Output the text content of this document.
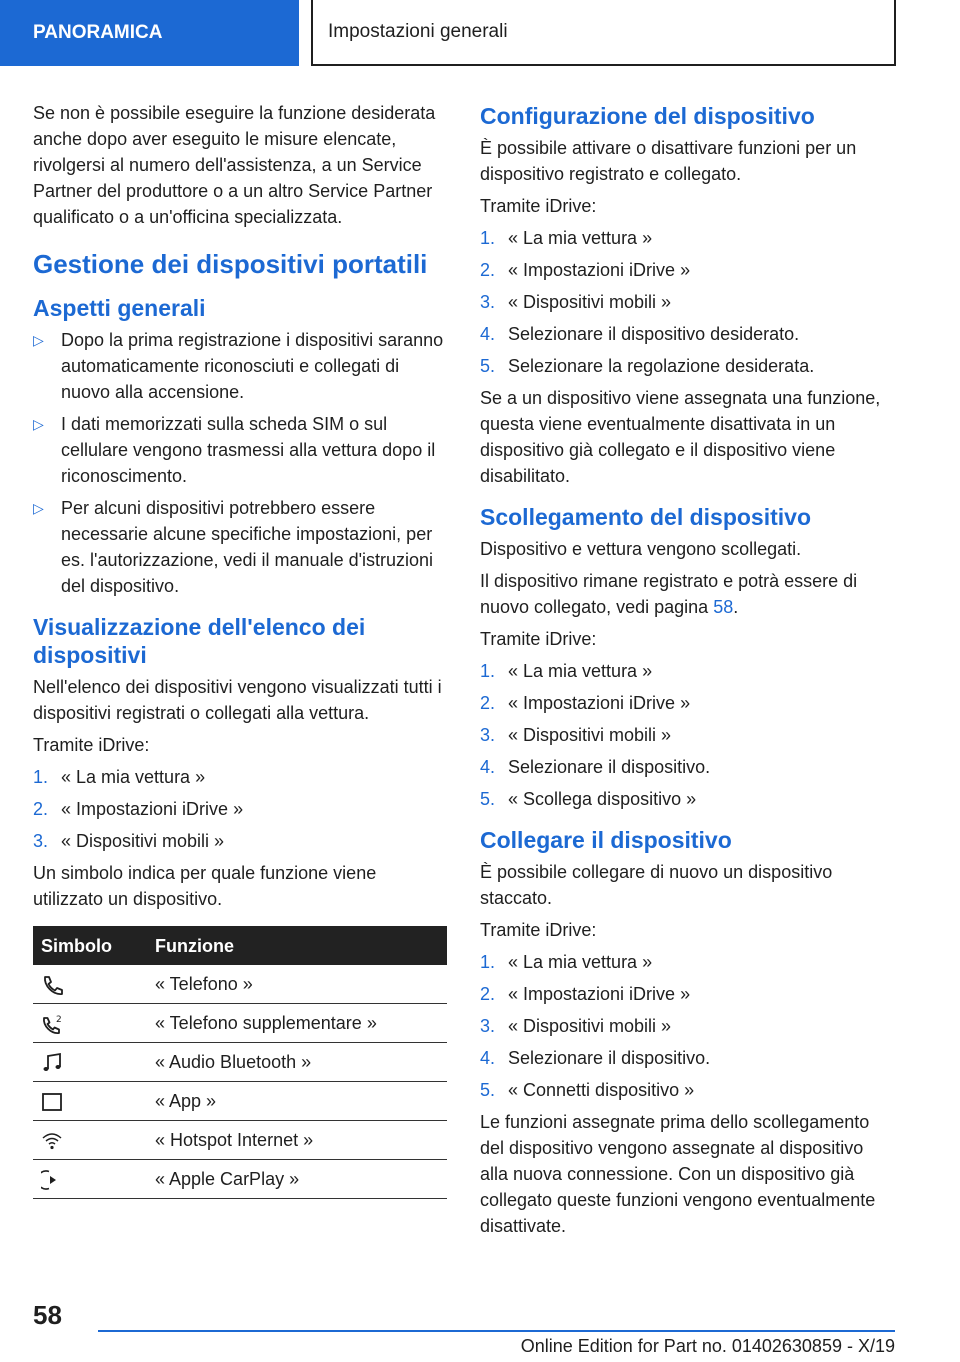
PANORAMICA	Impostazioni generali

Se non è possibile eseguire la funzione desiderata anche dopo aver eseguito le misure elencate, rivolgersi al numero dell'assistenza, a un Service Partner del produttore o a un altro Service Partner qualificato o a un'officina specializzata.

Gestione dei dispositivi portatili
Aspetti generali
▷ Dopo la prima registrazione i dispositivi saranno automaticamente riconosciuti e collegati di nuovo alla accensione.
▷ I dati memorizzati sulla scheda SIM o sul cellulare vengono trasmessi alla vettura dopo il riconoscimento.
▷ Per alcuni dispositivi potrebbero essere necessarie alcune specifiche impostazioni, per es. l'autorizzazione, vedi il manuale d'istruzioni del dispositivo.
Visualizzazione dell'elenco dei dispositivi

Nell'elenco dei dispositivi vengono visualizzati tutti i dispositivi registrati o collegati alla vettura.

Tramite iDrive:

1. « La mia vettura »
2. « Impostazioni iDrive »
3. « Dispositivi mobili »

Un simbolo indica per quale funzione viene utilizzato un dispositivo.

Simbolo	Funzione
	« Telefono »

2	« Telefono supplementare »
	« Audio Bluetooth »
	« App »
	« Hotspot Internet »
	« Apple CarPlay »
Configurazione del dispositivo

È possibile attivare o disattivare funzioni per un dispositivo registrato e collegato.

Tramite iDrive:

1. « La mia vettura »
2. « Impostazioni iDrive »
3. « Dispositivi mobili »
4. Selezionare il dispositivo desiderato.
5. Selezionare la regolazione desiderata.

Se a un dispositivo viene assegnata una funzione, questa viene eventualmente disattivata in un dispositivo già collegato e il dispositivo viene disabilitato.

Scollegamento del dispositivo

Dispositivo e vettura vengono scollegati.

Il dispositivo rimane registrato e potrà essere di nuovo collegato, vedi pagina 58.

Tramite iDrive:

1. « La mia vettura »
2. « Impostazioni iDrive »
3. « Dispositivi mobili »
4. Selezionare il dispositivo.
5. « Scollega dispositivo »
Collegare il dispositivo

È possibile collegare di nuovo un dispositivo staccato.

Tramite iDrive:

1. « La mia vettura »
2. « Impostazioni iDrive »
3. « Dispositivi mobili »
4. Selezionare il dispositivo.
5. « Connetti dispositivo »

Le funzioni assegnate prima dello scollegamento del dispositivo vengono assegnate al dispositivo alla nuova connessione. Con un dispositivo già collegato queste funzioni vengono eventualmente disattivate.

58
Online Edition for Part no. 01402630859 - X/19
